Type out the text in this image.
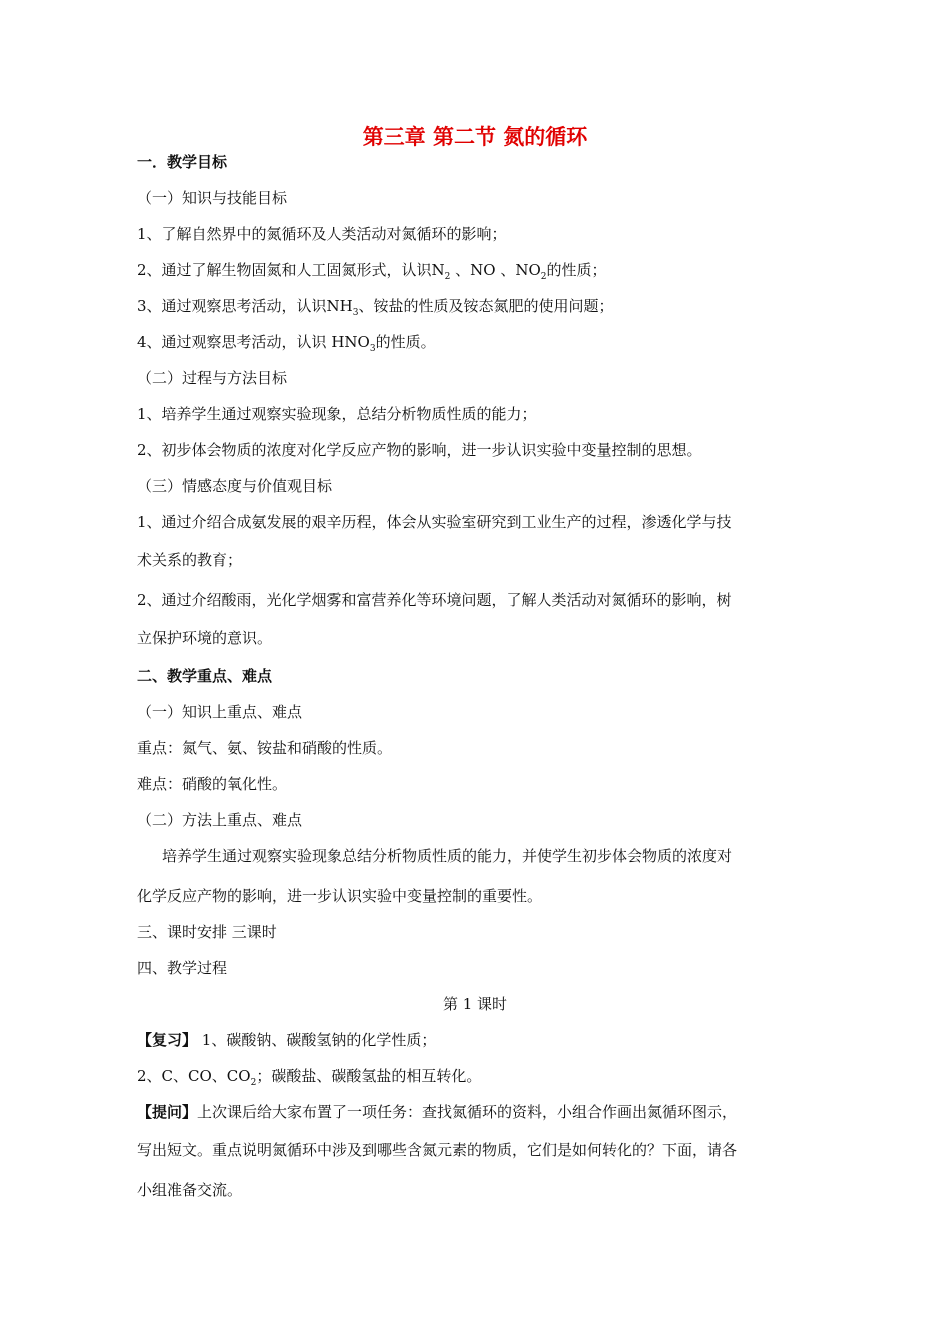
第三章 第二节 氮的循环
一．教学目标
（一）知识与技能目标
1、了解自然界中的氮循环及人类活动对氮循环的影响；
2、通过了解生物固氮和人工固氮形式，认识$N_2$ 、NO 、$NO_2$的性质；
3、通过观察思考活动，认识$NH_3$、铵盐的性质及铵态氮肥的使用问题；
4、通过观察思考活动，认识 $HNO_3$的性质。
（二）过程与方法目标
1、培养学生通过观察实验现象，总结分析物质性质的能力；
2、初步体会物质的浓度对化学反应产物的影响，进一步认识实验中变量控制的思想。
（三）情感态度与价值观目标
1、通过介绍合成氨发展的艰辛历程，体会从实验室研究到工业生产的过程，渗透化学与技
术关系的教育；
2、通过介绍酸雨，光化学烟雾和富营养化等环境问题，了解人类活动对氮循环的影响，树
立保护环境的意识。
二、教学重点、难点
（一）知识上重点、难点
重点：氮气、氨、铵盐和硝酸的性质。
难点：硝酸的氧化性。
（二）方法上重点、难点
培养学生通过观察实验现象总结分析物质性质的能力，并使学生初步体会物质的浓度对
化学反应产物的影响，进一步认识实验中变量控制的重要性。
三、课时安排 三课时
四、教学过程
第 1 课时
【复习】 1、碳酸钠、碳酸氢钠的化学性质；
2、C、CO、$CO_2$；碳酸盐、碳酸氢盐的相互转化。
【提问】上次课后给大家布置了一项任务：查找氮循环的资料，小组合作画出氮循环图示，
写出短文。重点说明氮循环中涉及到哪些含氮元素的物质，它们是如何转化的？下面，请各
小组准备交流。
